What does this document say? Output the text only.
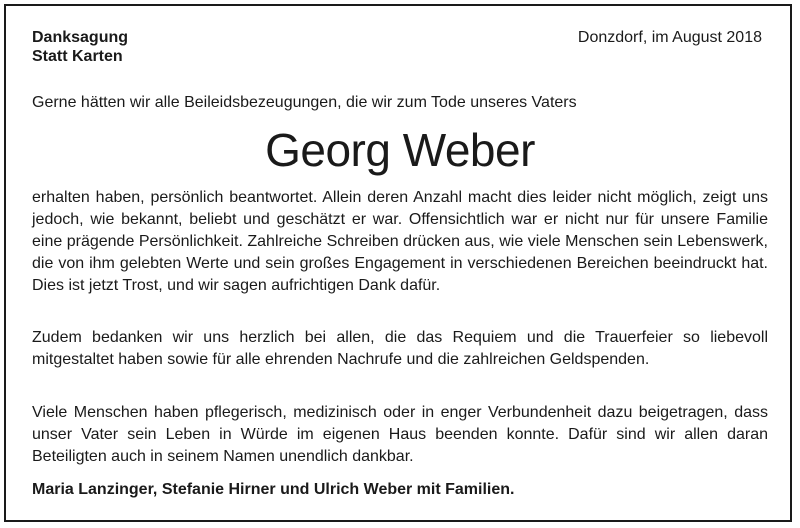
Danksagung
Statt Karten
Donzdorf, im August 2018
Gerne hätten wir alle Beileidsbezeugungen, die wir zum Tode unseres Vaters
Georg Weber
erhalten haben, persönlich beantwortet. Allein deren Anzahl macht dies leider nicht möglich, zeigt uns jedoch, wie bekannt, beliebt und geschätzt er war. Offensichtlich war er nicht nur für unsere Familie eine prägende Persönlichkeit. Zahlreiche Schreiben drücken aus, wie viele Menschen sein Lebenswerk, die von ihm gelebten Werte und sein großes Engagement in verschiedenen Bereichen beeindruckt hat. Dies ist jetzt Trost, und wir sagen aufrichtigen Dank dafür.
Zudem bedanken wir uns herzlich bei allen, die das Requiem und die Trauerfeier so liebevoll mitgestaltet haben sowie für alle ehrenden Nachrufe und die zahlreichen Geldspenden.
Viele Menschen haben pflegerisch, medizinisch oder in enger Verbundenheit dazu beigetragen, dass unser Vater sein Leben in Würde im eigenen Haus beenden konnte. Dafür sind wir allen daran Beteiligten auch in seinem Namen unendlich dankbar.
Maria Lanzinger, Stefanie Hirner und Ulrich Weber mit Familien.
